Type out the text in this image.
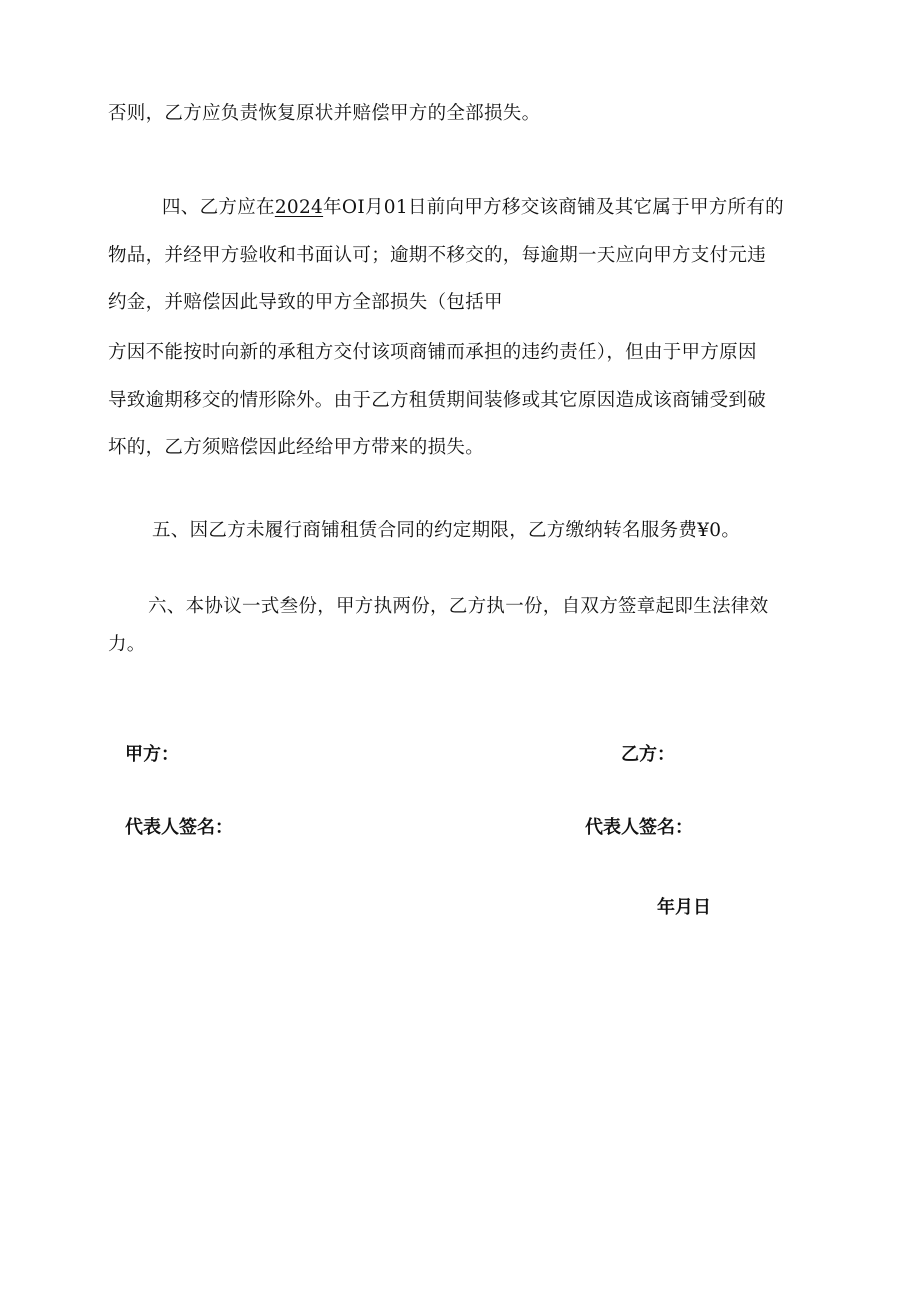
否则，乙方应负责恢复原状并赔偿甲方的全部损失。
四、乙方应在2024年OI月01日前向甲方移交该商铺及其它属于甲方所有的
物品，并经甲方验收和书面认可；逾期不移交的，每逾期一天应向甲方支付元违
约金，并赔偿因此导致的甲方全部损失（包括甲
方因不能按时向新的承租方交付该项商铺而承担的违约责任），但由于甲方原因
导致逾期移交的情形除外。由于乙方租赁期间装修或其它原因造成该商铺受到破
坏的，乙方须赔偿因此经给甲方带来的损失。
五、因乙方未履行商铺租赁合同的约定期限，乙方缴纳转名服务费¥0。
六、本协议一式叁份，甲方执两份，乙方执一份，自双方签章起即生法律效
力。
甲方：	乙方：
代表人签名：	代表人签名：
年月日
